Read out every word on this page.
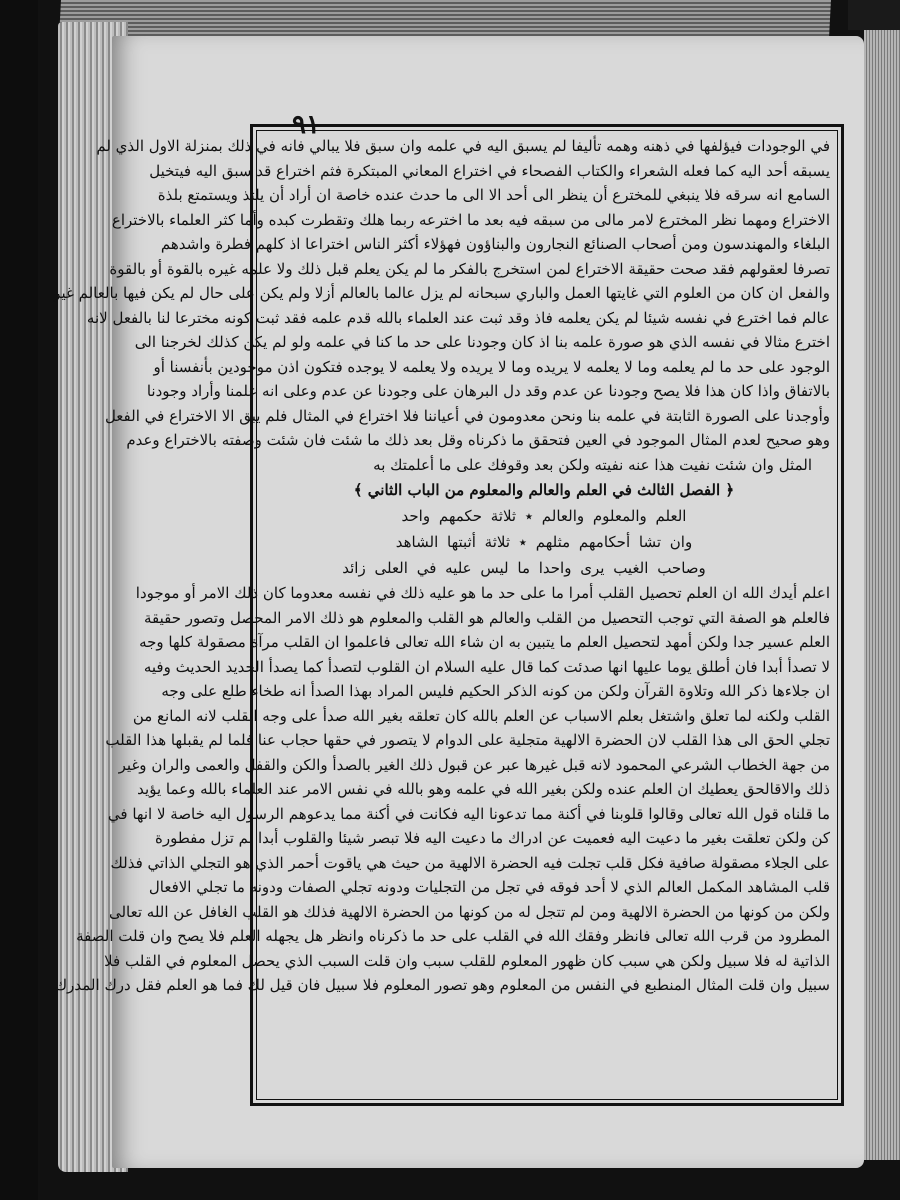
٩١
في الوجودات فيؤلفها في ذهنه وهمه تأليفا لم يسبق اليه في علمه وان سبق فلا يبالي فانه في ذلك بمنزلة الاول الذي لم
يسبقه أحد اليه كما فعله الشعراء والكتاب الفصحاء في اختراع المعاني المبتكرة فثم اختراع قد سبق اليه فيتخيل
السامع انه سرقه فلا ينبغي للمخترع أن ينظر الى أحد الا الى ما حدث عنده خاصة ان أراد أن يلتذ ويستمتع بلذة
الاختراع ومهما نظر المخترع لامر مالى من سبقه فيه بعد ما اخترعه ربما هلك وتقطرت كبده وأما كثر العلماء بالاختراع
البلغاء والمهندسون ومن أصحاب الصنائع النجارون والبناؤون فهؤلاء أكثر الناس اختراعا اذ كلهم فطرة واشدهم
تصرفا لعقولهم فقد صحت حقيقة الاختراع لمن استخرج بالفكر ما لم يكن يعلم قبل ذلك ولا علمه غيره بالقوة أو بالقوة
والفعل ان كان من العلوم التي غايتها العمل والباري سبحانه لم يزل عالما بالعالم أزلا ولم يكن على حال لم يكن فيها بالعالم غير
عالم فما اخترع في نفسه شيئا لم يكن يعلمه فاذ وقد ثبت عند العلماء بالله قدم علمه فقد ثبت كونه مخترعا لنا بالفعل لانه
اخترع مثالا في نفسه الذي هو صورة علمه بنا اذ كان وجودنا على حد ما كنا في علمه ولو لم يكن كذلك لخرجنا الى
الوجود على حد ما لم يعلمه وما لا يعلمه لا يريده وما لا يريده ولا يعلمه لا يوجده فتكون اذن موجودين بأنفسنا أو
بالاتفاق واذا كان هذا فلا يصح وجودنا عن عدم وقد دل البرهان على وجودنا عن عدم وعلى انه علمنا وأراد وجودنا
وأوجدنا على الصورة الثابتة في علمه بنا ونحن معدومون في أعياننا فلا اختراع في المثال فلم يبق الا الاختراع في الفعل
وهو صحيح لعدم المثال الموجود في العين فتحقق ما ذكرناه وقل بعد ذلك ما شئت فان شئت وصفته بالاختراع وعدم
المثل وان شئت نفيت هذا عنه نفيته ولكن بعد وقوفك على ما أعلمتك به
﴿ الفصل الثالث في العلم والعالم والمعلوم من الباب الثاني ﴾
العلم والمعلوم والعالم ٭ ثلاثة حكمهم واحد
وان تشا أحكامهم مثلهم ٭ ثلاثة أثبتها الشاهد
وصاحب الغيب يرى واحدا ما ليس عليه في العلى زائد
اعلم أيدك الله ان العلم تحصيل القلب أمرا ما على حد ما هو عليه ذلك في نفسه معدوما كان ذلك الامر أو موجودا
فالعلم هو الصفة التي توجب التحصيل من القلب والعالم هو القلب والمعلوم هو ذلك الامر المحصل وتصور حقيقة
العلم عسير جدا ولكن أمهد لتحصيل العلم ما يتبين به ان شاء الله تعالى فاعلموا ان القلب مرآة مصقولة كلها وجه
لا تصدأ أبدا فان أطلق يوما عليها انها صدئت كما قال عليه السلام ان القلوب لتصدأ كما يصدأ الحديد الحديث وفيه
ان جلاءها ذكر الله وتلاوة القرآن ولكن من كونه الذكر الحكيم فليس المراد بهذا الصدأ انه طخاء طلع على وجه
القلب ولكنه لما تعلق واشتغل بعلم الاسباب عن العلم بالله كان تعلقه بغير الله صدأ على وجه القلب لانه المانع من
تجلي الحق الى هذا القلب لان الحضرة الالهية متجلية على الدوام لا يتصور في حقها حجاب عنا فلما لم يقبلها هذا القلب
من جهة الخطاب الشرعي المحمود لانه قبل غيرها عبر عن قبول ذلك الغير بالصدأ والكن والقفل والعمى والران وغير
ذلك والاقالحق يعطيك ان العلم عنده ولكن بغير الله في علمه وهو بالله في نفس الامر عند العلماء بالله وعما يؤيد
ما قلناه قول الله تعالى وقالوا قلوبنا في أكنة مما تدعونا اليه فكانت في أكنة مما يدعوهم الرسول اليه خاصة لا انها في
كن ولكن تعلقت بغير ما دعيت اليه فعميت عن ادراك ما دعيت اليه فلا تبصر شيئا والقلوب أبدا لم تزل مفطورة
على الجلاء مصقولة صافية فكل قلب تجلت فيه الحضرة الالهية من حيث هي ياقوت أحمر الذي هو التجلي الذاتي فذلك
قلب المشاهد المكمل العالم الذي لا أحد فوقه في تجل من التجليات ودونه تجلي الصفات ودونه ما تجلي الافعال
ولكن من كونها من الحضرة الالهية ومن لم تتجل له من كونها من الحضرة الالهية فذلك هو القلب الغافل عن الله تعالى
المطرود من قرب الله تعالى فانظر وفقك الله في القلب على حد ما ذكرناه وانظر هل يجهله العلم فلا يصح وان قلت الصفة
الذاتية له فلا سبيل ولكن هي سبب كان ظهور المعلوم للقلب سبب وان قلت السبب الذي يحصل المعلوم في القلب فلا
سبيل وان قلت المثال المنطبع في النفس من المعلوم وهو تصور المعلوم فلا سبيل فان قيل لك فما هو العلم فقل درك المدرك
